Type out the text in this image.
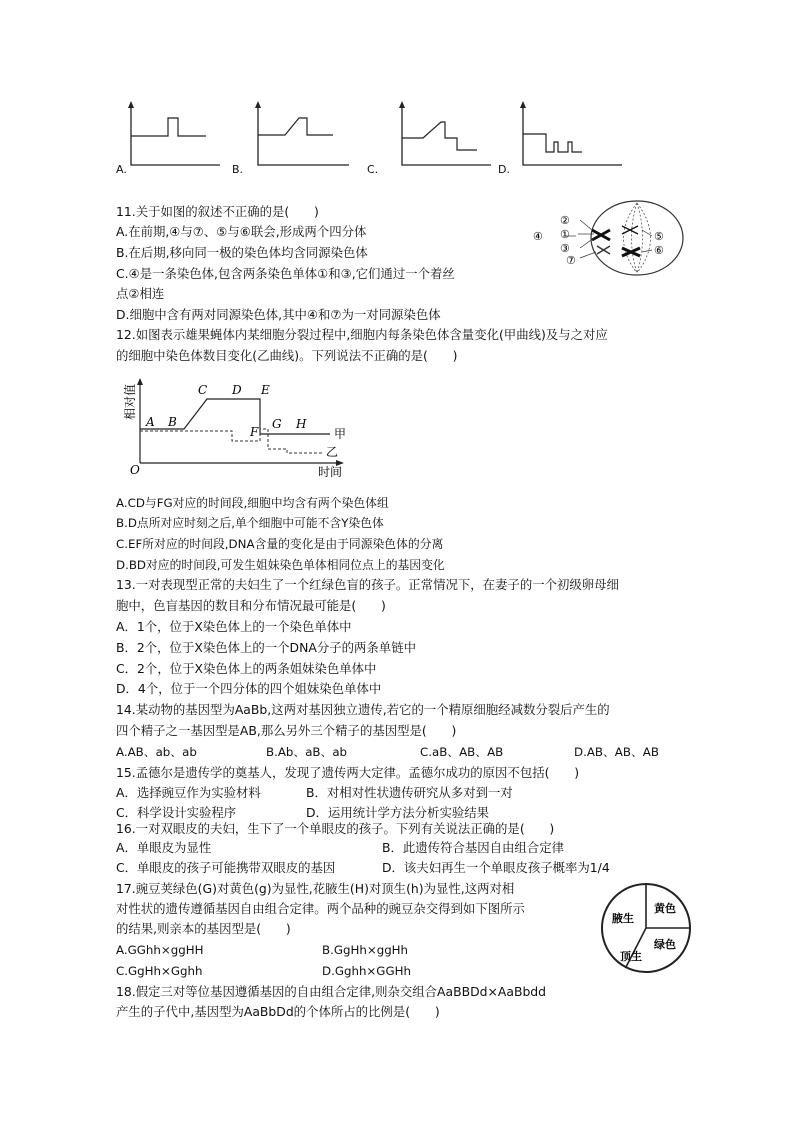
A.	B.	C.	D.
11.关于如图的叙述不正确的是(　　)
A.在前期,④与⑦、⑤与⑥联会,形成两个四分体
B.在后期,移向同一极的染色体均含同源染色体
C.④是一条染色体,包含两条染色单体①和③,它们通过一个着丝
点②相连
D.细胞中含有两对同源染色体,其中④和⑦为一对同源染色体
②
①
③
④
⑦
⑤
⑥
12.如图表示雄果蝇体内某细胞分裂过程中,细胞内每条染色体含量变化(甲曲线)及与之对应
的细胞中染色体数目变化(乙曲线)。下列说法不正确的是(　　)
相对值
O	时间
A B
C D E
F
G H
甲
乙
A.CD与FG对应的时间段,细胞中均含有两个染色体组
B.D点所对应时刻之后,单个细胞中可能不含Y染色体
C.EF所对应的时间段,DNA含量的变化是由于同源染色体的分离
D.BD对应的时间段,可发生姐妹染色单体相同位点上的基因变化
13.一对表现型正常的夫妇生了一个红绿色盲的孩子。正常情况下，在妻子的一个初级卵母细
胞中，色盲基因的数目和分布情况最可能是(　　)
A．1个，位于X染色体上的一个染色单体中
B．2个，位于X染色体上的一个DNA分子的两条单链中
C．2个，位于X染色体上的两条姐妹染色单体中
D．4个，位于一个四分体的四个姐妹染色单体中
14.某动物的基因型为AaBb,这两对基因独立遗传,若它的一个精原细胞经减数分裂后产生的
四个精子之一基因型是AB,那么另外三个精子的基因型是(　　)
A.AB、ab、ab	B.Ab、aB、ab	C.aB、AB、AB	D.AB、AB、AB
15.孟德尔是遗传学的奠基人，发现了遗传两大定律。孟德尔成功的原因不包括(　　)
A．选择豌豆作为实验材料	B．对相对性状遗传研究从多对到一对
C．科学设计实验程序	D．运用统计学方法分析实验结果
16.一对双眼皮的夫妇，生下了一个单眼皮的孩子。下列有关说法正确的是(　　)
A．单眼皮为显性	B．此遗传符合基因自由组合定律
C．单眼皮的孩子可能携带双眼皮的基因	D．该夫妇再生一个单眼皮孩子概率为1/4
17.豌豆荚绿色(G)对黄色(g)为显性,花腋生(H)对顶生(h)为显性,这两对相
对性状的遗传遵循基因自由组合定律。两个品种的豌豆杂交得到如下图所示
的结果,则亲本的基因型是(　　)
A.GGhh×ggHH	B.GgHh×ggHh
C.GgHh×Gghh	D.Gghh×GGHh
腋生
黄色
绿色
顶生
18.假定三对等位基因遵循基因的自由组合定律,则杂交组合AaBBDd×AaBbdd
产生的子代中,基因型为AaBbDd的个体所占的比例是(　　)
